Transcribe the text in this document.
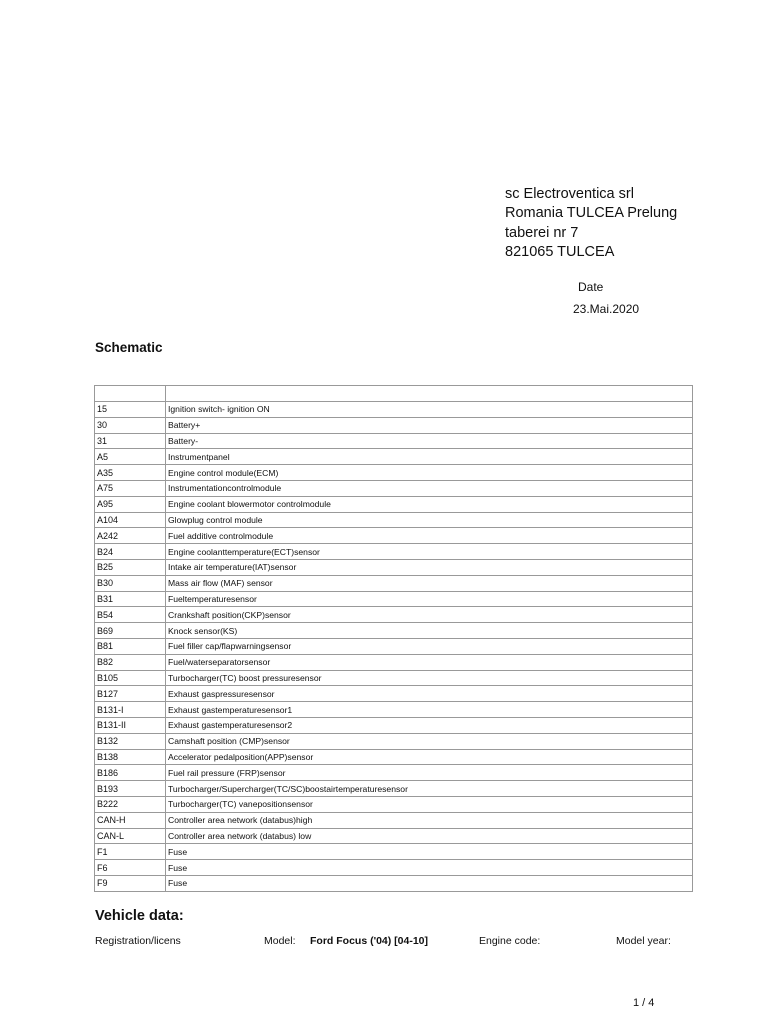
sc Electroventica srl
Romania TULCEA Prelung
taberei nr 7
821065 TULCEA
Date
23.Mai.2020
Schematic

15	Ignition switch- ignition ON
30	Battery+
31	Battery-
A5	Instrumentpanel
A35	Engine control module(ECM)
A75	Instrumentationcontrolmodule
A95	Engine coolant blowermotor controlmodule
A104	Glowplug control module
A242	Fuel additive controlmodule
B24	Engine coolanttemperature(ECT)sensor
B25	Intake air temperature(IAT)sensor
B30	Mass air flow (MAF) sensor
B31	Fueltemperaturesensor
B54	Crankshaft position(CKP)sensor
B69	Knock sensor(KS)
B81	Fuel filler cap/flapwarningsensor
B82	Fuel/waterseparatorsensor
B105	Turbocharger(TC) boost pressuresensor
B127	Exhaust gaspressuresensor
B131-I	Exhaust gastemperaturesensor1
B131-II	Exhaust gastemperaturesensor2
B132	Camshaft position (CMP)sensor
B138	Accelerator pedalposition(APP)sensor
B186	Fuel rail pressure (FRP)sensor
B193	Turbocharger/Supercharger(TC/SC)boostairtemperaturesensor
B222	Turbocharger(TC) vanepositionsensor
CAN-H	Controller area network (databus)high
CAN-L	Controller area network (databus) low
F1	Fuse
F6	Fuse
F9	Fuse
Vehicle data:
Registration/licens	Model: Ford Focus ('04) [04-10]	Engine code:	Model year:
1 / 4
